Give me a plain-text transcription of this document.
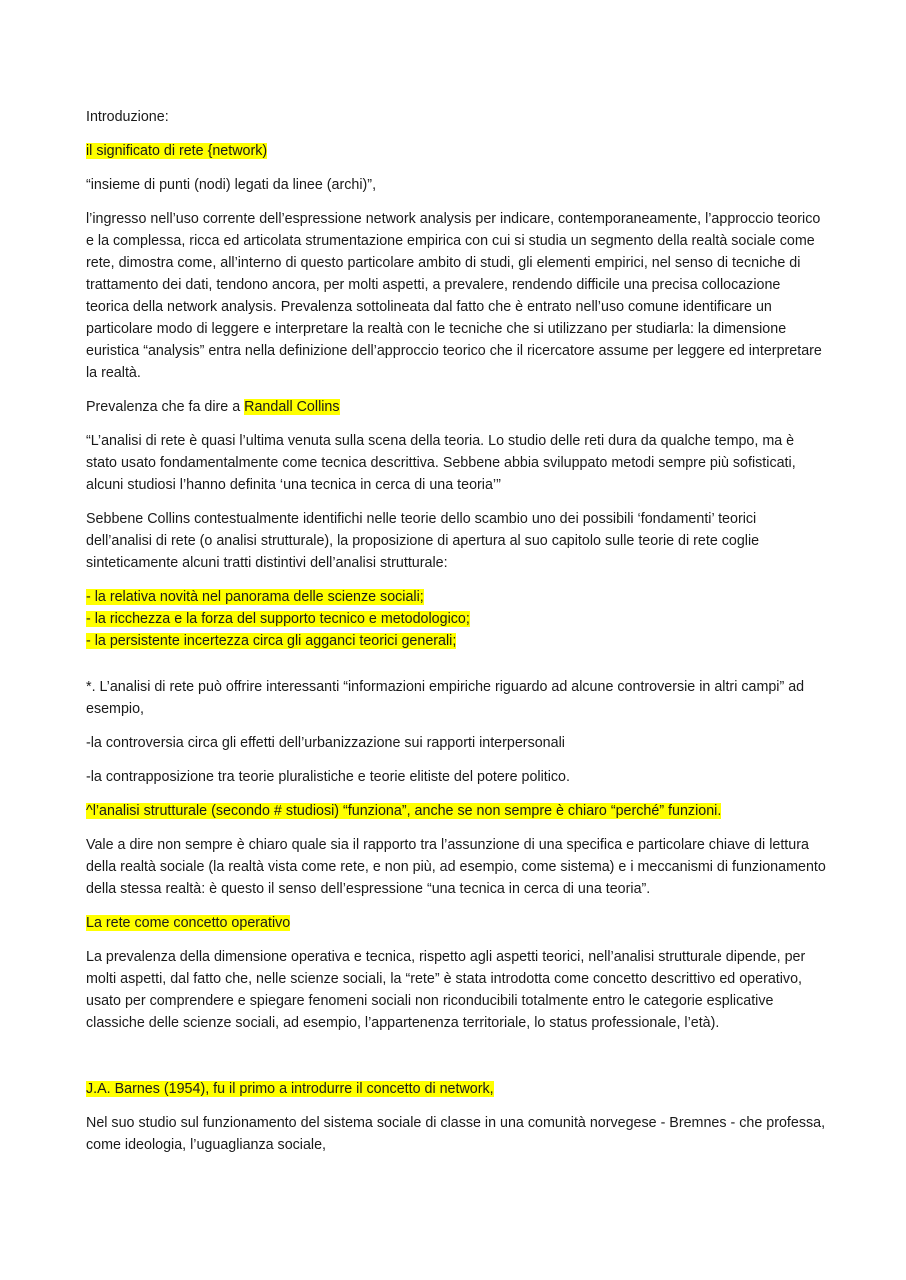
Introduzione:

il significato di rete {network)

“insieme di punti (nodi) legati da linee (archi)”,

l’ingresso nell’uso corrente dell’espressione network analysis per indicare, contemporaneamente, l’approccio teorico e la complessa, ricca ed articolata strumentazione empirica con cui si studia un segmento della realtà sociale come rete, dimostra come, all’interno di questo particolare ambito di studi, gli elementi empirici, nel senso di tecniche di trattamento dei dati, tendono ancora, per molti aspetti, a prevalere, rendendo difficile una precisa collocazione teorica della network analysis. Prevalenza sottolineata dal fatto che è entrato nell’uso comune identificare un particolare modo di leggere e interpretare la realtà con le tecniche che si utilizzano per studiarla: la dimensione euristica “analysis” entra nella definizione dell’approccio teorico che il ricercatore assume per leggere ed interpretare la realtà.

Prevalenza che fa dire a Randall Collins

“L’analisi di rete è quasi l’ultima venuta sulla scena della teoria. Lo studio delle reti dura da qualche tempo, ma è stato usato fondamentalmente come tecnica descrittiva. Sebbene abbia sviluppato metodi sempre più sofisticati, alcuni studiosi l’hanno definita ‘una tecnica in cerca di una teoria’”

Sebbene Collins contestualmente identifichi nelle teorie dello scambio uno dei possibili ‘fondamenti’ teorici dell’analisi di rete (o analisi strutturale), la proposizione di apertura al suo capitolo sulle teorie di rete coglie sinteticamente alcuni tratti distintivi dell’analisi strutturale:

- la relativa novità nel panorama delle scienze sociali;
- la ricchezza e la forza del supporto tecnico e metodologico;
- la persistente incertezza circa gli agganci teorici generali;

*. L’analisi di rete può offrire interessanti “informazioni empiriche riguardo ad alcune controversie in altri campi” ad esempio,

-la controversia circa gli effetti dell’urbanizzazione sui rapporti interpersonali

-la contrapposizione tra teorie pluralistiche e teorie elitiste del potere politico.

^l’analisi strutturale (secondo # studiosi) “funziona”, anche se non sempre è chiaro “perché” funzioni.

Vale a dire non sempre è chiaro quale sia il rapporto tra l’assunzione di una specifica e particolare chiave di lettura della realtà sociale (la realtà vista come rete, e non più, ad esempio, come sistema) e i meccanismi di funzionamento della stessa realtà: è questo il senso dell’espressione “una tecnica in cerca di una teoria”.

La rete come concetto operativo

La prevalenza della dimensione operativa e tecnica, rispetto agli aspetti teorici, nell’analisi strutturale dipende, per molti aspetti, dal fatto che, nelle scienze sociali, la “rete” è stata introdotta come concetto descrittivo ed operativo, usato per comprendere e spiegare fenomeni sociali non riconducibili totalmente entro le categorie esplicative classiche delle scienze sociali, ad esempio, l’appartenenza territoriale, lo status professionale, l’età).

J.A. Barnes (1954), fu il primo a introdurre il concetto di network,

Nel suo studio sul funzionamento del sistema sociale di classe in una comunità norvegese - Bremnes - che professa, come ideologia, l’uguaglianza sociale,
